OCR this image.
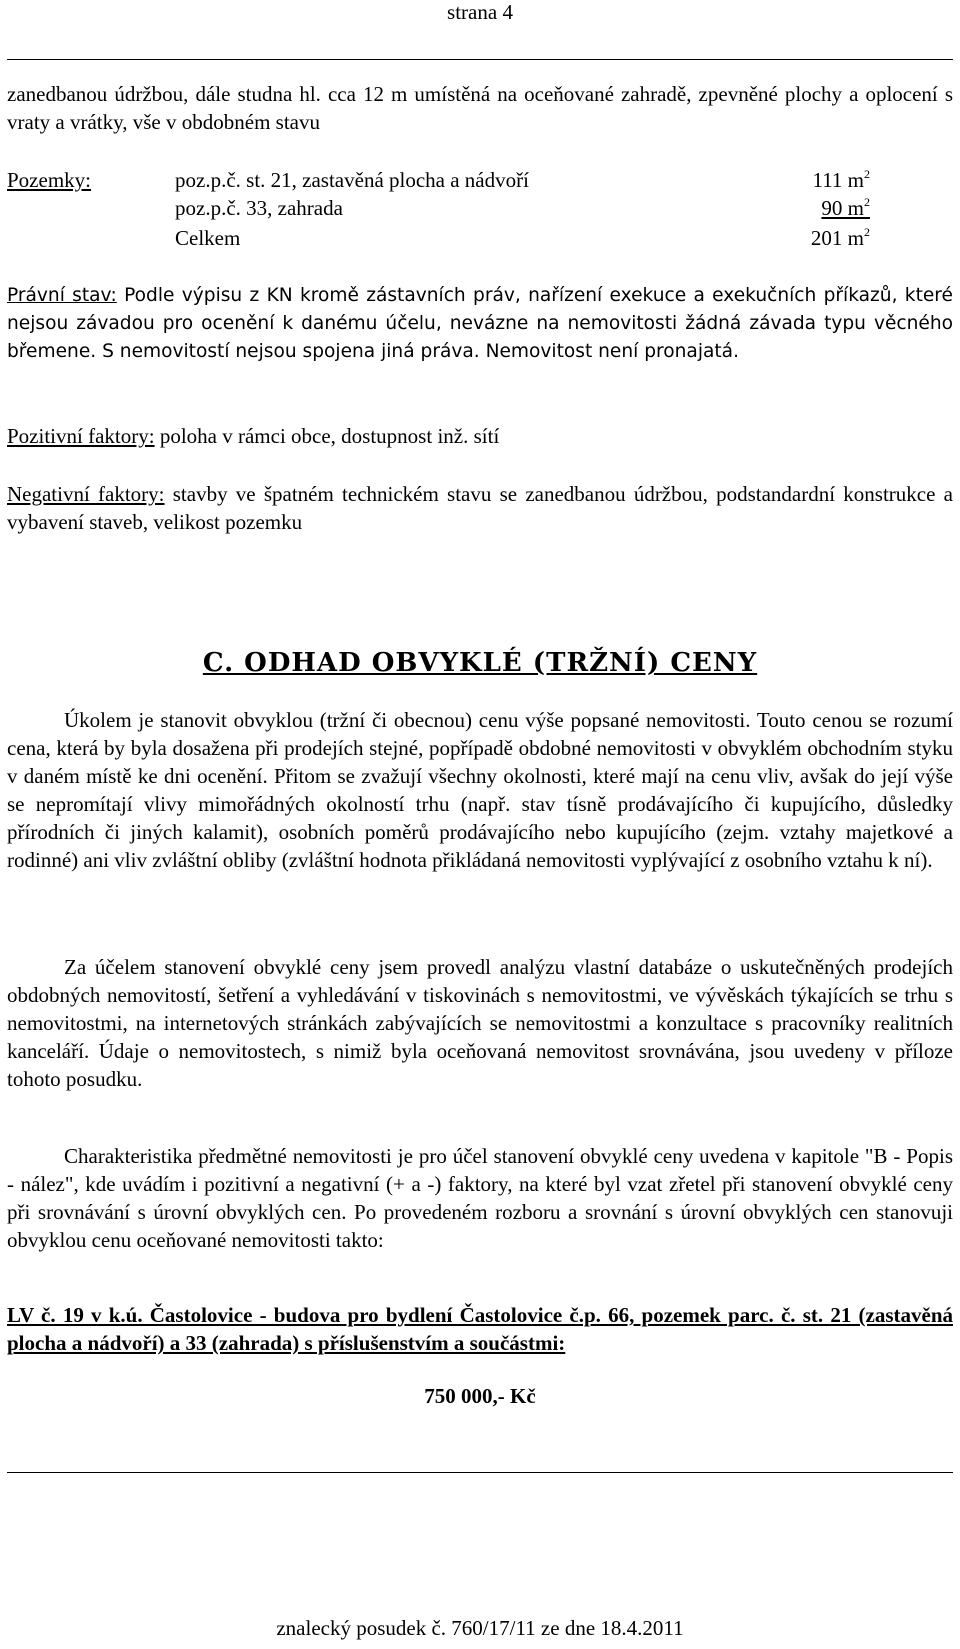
strana 4
zanedbanou údržbou, dále studna hl. cca 12 m umístěná na oceňované zahradě, zpevněné plochy a oplocení s vraty a vrátky, vše v obdobném stavu
Pozemky:	poz.p.č. st. 21, zastavěná plocha a nádvoří	111 $m^2$
poz.p.č. 33, zahrada	90 $m^2$
Celkem	201 $m^2$
Právní stav: Podle výpisu z KN kromě zástavních práv, nařízení exekuce a exekučních příkazů, které nejsou závadou pro ocenění k danému účelu, nevázne na nemovitosti žádná závada typu věcného břemene. S nemovitostí nejsou spojena jiná práva. Nemovitost není pronajatá.
Pozitivní faktory: poloha v rámci obce, dostupnost inž. sítí
Negativní faktory: stavby ve špatném technickém stavu se zanedbanou údržbou, podstandardní konstrukce a vybavení staveb, velikost pozemku
C. ODHAD OBVYKLÉ (TRŽNÍ) CENY
Úkolem je stanovit obvyklou (tržní či obecnou) cenu výše popsané nemovitosti. Touto cenou se rozumí cena, která by byla dosažena při prodejích stejné, popřípadě obdobné nemovitosti v obvyklém obchodním styku v daném místě ke dni ocenění. Přitom se zvažují všechny okolnosti, které mají na cenu vliv, avšak do její výše se nepromítají vlivy mimořádných okolností trhu (např. stav tísně prodávajícího či kupujícího, důsledky přírodních či jiných kalamit), osobních poměrů prodávajícího nebo kupujícího (zejm. vztahy majetkové a rodinné) ani vliv zvláštní obliby (zvláštní hodnota přikládaná nemovitosti vyplývající z osobního vztahu k ní).
Za účelem stanovení obvyklé ceny jsem provedl analýzu vlastní databáze o uskutečněných prodejích obdobných nemovitostí, šetření a vyhledávání v tiskovinách s nemovitostmi, ve vývěskách týkajících se trhu s nemovitostmi, na internetových stránkách zabývajících se nemovitostmi a konzultace s pracovníky realitních kanceláří. Údaje o nemovitostech, s nimiž byla oceňovaná nemovitost srovnávána, jsou uvedeny v příloze tohoto posudku.
Charakteristika předmětné nemovitosti je pro účel stanovení obvyklé ceny uvedena v kapitole "B - Popis - nález", kde uvádím i pozitivní a negativní (+ a -) faktory, na které byl vzat zřetel při stanovení obvyklé ceny při srovnávání s úrovní obvyklých cen. Po provedeném rozboru a srovnání s úrovní obvyklých cen stanovuji obvyklou cenu oceňované nemovitosti takto:
LV č. 19 v k.ú. Častolovice - budova pro bydlení Častolovice č.p. 66, pozemek parc. č. st. 21 (zastavěná plocha a nádvoří) a 33 (zahrada) s příslušenstvím a součástmi:
750 000,- Kč
znalecký posudek č. 760/17/11 ze dne 18.4.2011
